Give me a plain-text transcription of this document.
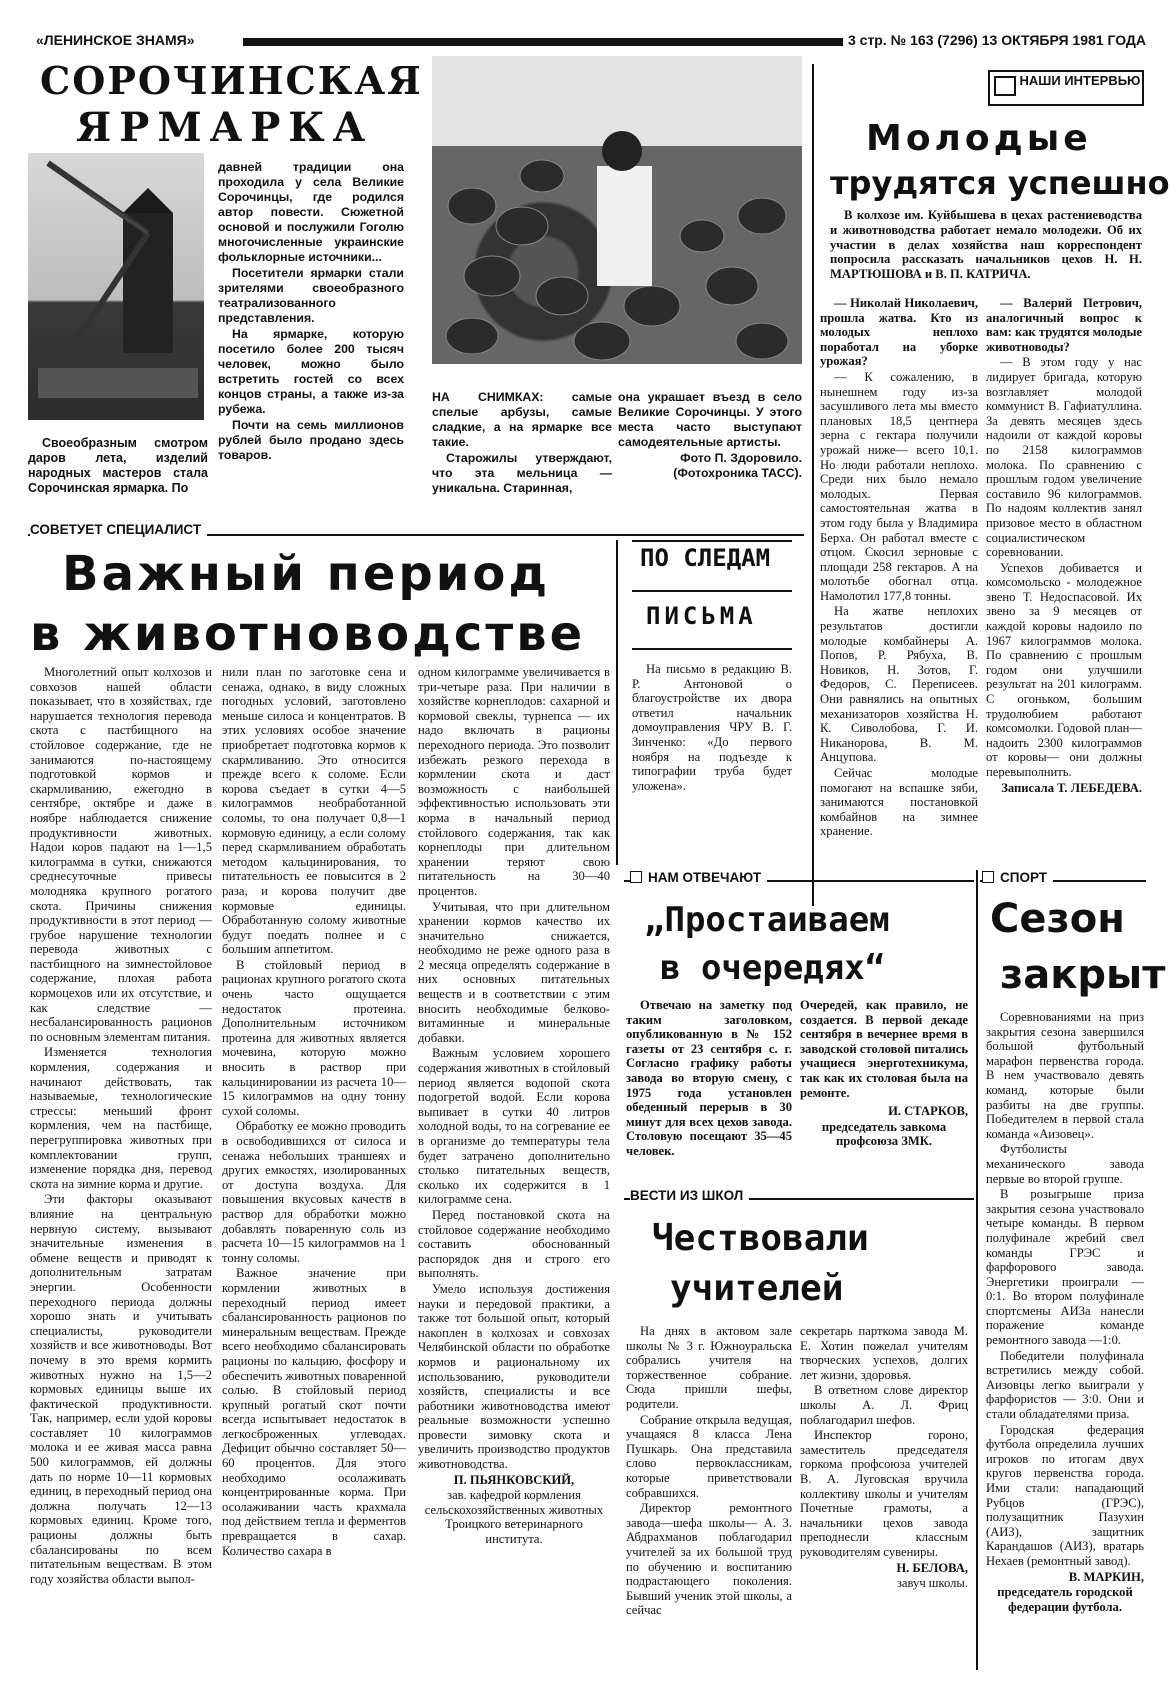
«ЛЕНИНСКОЕ ЗНАМЯ»	3 стр. № 163 (7296) 13 ОКТЯБРЯ 1981 ГОДА
СОРОЧИНСКАЯ
ЯРМАРКА

Своеобразным смотром даров лета, изделий народных мастеров стала Сорочинская ярмарка. По

давней традиции она проходила у села Великие Сорочинцы, где родился автор повести. Сюжетной основой и послужили Гоголю многочисленные украинские фольклорные источники...

Посетители ярмарки стали зрителями своеобразного театрализованного представления.

На ярмарке, которую посетило более 200 тысяч человек, можно было встретить гостей со всех концов страны, а также из-за рубежа.

Почти на семь миллионов рублей было продано здесь товаров.

НА СНИМКАХ: самые спелые арбузы, самые сладкие, а на ярмарке все такие.

Старожилы утверждают, что эта мельница — уникальна. Старинная,

она украшает въезд в село Великие Сорочинцы. У этого места часто выступают самодеятельные артисты.

Фото П. Здоровило. (Фотохроника ТАСС).

НАШИ ИНТЕРВЬЮ
Молодые
трудятся успешно

В колхозе им. Куйбышева в цехах растениеводства и животноводства работает немало молодежи. Об их участии в делах хозяйства наш корреспондент попросила рассказать начальников цехов Н. Н. МАРТЮШОВА и В. П. КАТРИЧА.

— Николай Николаевич, прошла жатва. Кто из молодых неплохо поработал на уборке урожая?

— К сожалению, в нынешнем году из-за засушливого лета мы вместо плановых 18,5 центнера зерна с гектара получили урожай ниже— всего 10,1. Но люди работали неплохо. Среди них было немало молодых. Первая самостоятельная жатва в этом году была у Владимира Берха. Он работал вместе с отцом. Скосил зерновые с площади 258 гектаров. А на молотьбе обогнал отца. Намолотил 177,8 тонны.

На жатве неплохих результатов достигли молодые комбайнеры А. Попов, Р. Рябуха, В. Новиков, Н. Зотов, Г. Федоров, С. Переписеев. Они равнялись на опытных механизаторов хозяйства Н. К. Сиволобова, Г. И. Никанорова, В. М. Анцупова.

Сейчас молодые помогают на вспашке зяби, занимаются постановкой комбайнов на зимнее хранение.

— Валерий Петрович, аналогичный вопрос к вам: как трудятся молодые животноводы?

— В этом году у нас лидирует бригада, которую возглавляет молодой коммунист В. Гафиатуллина. За девять месяцев здесь надоили от каждой коровы по 2158 килограммов молока. По сравнению с прошлым годом увеличение составило 96 килограммов. По надоям коллектив занял призовое место в областном социалистическом соревновании.

Успехов добивается и комсомольско - молодежное звено Т. Недоспасовой. Их звено за 9 месяцев от каждой коровы надоило по 1967 килограммов молока. По сравнению с прошлым годом они улучшили результат на 201 килограмм. С огоньком, большим трудолюбием работают комсомолки. Годовой план— надоить 2300 килограммов от коровы— они должны перевыполнить.

Записала Т. ЛЕБЕДЕВА.

СОВЕТУЕТ СПЕЦИАЛИСТ
Важный период
в животноводстве

Многолетний опыт колхозов и совхозов нашей области показывает, что в хозяйствах, где нарушается технология перевода скота с пастбищного на стойловое содержание, где не занимаются по-настоящему подготовкой кормов и скармливанию, ежегодно в сентябре, октябре и даже в ноябре наблюдается снижение продуктивности животных. Надои коров падают на 1—1,5 килограмма в сутки, снижаются среднесуточные привесы молодняка крупного рогатого скота. Причины снижения продуктивности в этот период — грубое нарушение технологии перевода животных с пастбищного на зимнестойловое содержание, плохая работа кормоцехов или их отсутствие, и как следствие — несбалансированность рационов по основным элементам питания.

Изменяется технология кормления, содержания и начинают действовать, так называемые, технологические стрессы: меньший фронт кормления, чем на пастбище, перегруппировка животных при комплектовании групп, изменение порядка дня, перевод скота на зимние корма и другие.

Эти факторы оказывают влияние на центральную нервную систему, вызывают значительные изменения в обмене веществ и приводят к дополнительным затратам энергии. Особенности переходного периода должны хорошо знать и учитывать специалисты, руководители хозяйств и все животноводы. Вот почему в это время кормить животных нужно на 1,5—2 кормовых единицы выше их фактической продуктивности. Так, например, если удой коровы составляет 10 килограммов молока и ее живая масса равна 500 килограммов, ей должны дать по норме 10—11 кормовых единиц, в переходный период она должна получать 12—13 кормовых единиц. Кроме того, рационы должны быть сбалансированы по всем питательным веществам. В этом году хозяйства области выпол-

нили план по заготовке сена и сенажа, однако, в виду сложных погодных условий, заготовлено меньше силоса и концентратов. В этих условиях особое значение приобретает подготовка кормов к скармливанию. Это относится прежде всего к соломе. Если корова съедает в сутки 4—5 килограммов необработанной соломы, то она получает 0,8—1 кормовую единицу, а если солому перед скармливанием обработать методом кальцинирования, то питательность ее повысится в 2 раза, и корова получит две кормовые единицы. Обработанную солому животные будут поедать полнее и с большим аппетитом.

В стойловый период в рационах крупного рогатого скота очень часто ощущается недостаток протеина. Дополнительным источником протеина для животных является мочевина, которую можно вносить в раствор при кальцинировании из расчета 10—15 килограммов на одну тонну сухой соломы.

Обработку ее можно проводить в освободившихся от силоса и сенажа небольших траншеях и других емкостях, изолированных от доступа воздуха. Для повышения вкусовых качеств в раствор для обработки можно добавлять поваренную соль из расчета 10—15 килограммов на 1 тонну соломы.

Важное значение при кормлении животных в переходный период имеет сбалансированность рационов по минеральным веществам. Прежде всего необходимо сбалансировать рационы по кальцию, фосфору и обеспечить животных поваренной солью. В стойловый период крупный рогатый скот почти всегда испытывает недостаток в легкосброженных углеводах. Дефицит обычно составляет 50—60 процентов. Для этого необходимо осолаживать концентрированные корма. При осолаживании часть крахмала под действием тепла и ферментов превращается в сахар. Количество сахара в

одном килограмме увеличивается в три-четыре раза. При наличии в хозяйстве корнеплодов: сахарной и кормовой свеклы, турнепса — их надо включать в рационы переходного периода. Это позволит избежать резкого перехода в кормлении скота и даст возможность с наибольшей эффективностью использовать эти корма в начальный период стойлового содержания, так как корнеплоды при длительном хранении теряют свою питательность на 30—40 процентов.

Учитывая, что при длительном хранении кормов качество их значительно снижается, необходимо не реже одного раза в 2 месяца определять содержание в них основных питательных веществ и в соответствии с этим вносить необходимые белково-витаминные и минеральные добавки.

Важным условием хорошего содержания животных в стойловый период является водопой скота подогретой водой. Если корова выпивает в сутки 40 литров холодной воды, то на согревание ее в организме до температуры тела будет затрачено дополнительно столько питательных веществ, сколько их содержится в 1 килограмме сена.

Перед постановкой скота на стойловое содержание необходимо составить обоснованный распорядок дня и строго его выполнять.

Умело используя достижения науки и передовой практики, а также тот большой опыт, который накоплен в колхозах и совхозах Челябинской области по обработке кормов и рациональному их использованию, руководители хозяйств, специалисты и все работники животноводства имеют реальные возможности успешно провести зимовку скота и увеличить производство продуктов животноводства.

П. ПЬЯНКОВСКИЙ,

зав. кафедрой кормления сельскохозяйственных животных Троицкого ветеринарного института.

ПО СЛЕДАМ
ПИСЬМА

На письмо в редакцию В. Р. Антоновой о благоустройстве их двора ответил начальник домоуправления ЧРУ В. Г. Зинченко: «До первого ноября на подъезде к типографии труба будет уложена».

НАМ ОТВЕЧАЮТ
„Простаиваем
в очередях“

Отвечаю на заметку под таким заголовком, опубликованную в № 152 газеты от 23 сентября с. г. Согласно графику работы завода во вторую смену, с 1975 года установлен обеденный перерыв в 30 минут для всех цехов завода. Столовую посещают 35—45 человек.

Очередей, как правило, не создается. В первой декаде сентября в вечернее время в заводской столовой питались учащиеся энерготехникума, так как их столовая была на ремонте.

И. СТАРКОВ,

председатель завкома профсоюза ЗМК.

ВЕСТИ ИЗ ШКОЛ
Чествовали
учителей

На днях в актовом зале школы № 3 г. Южноуральска собрались учителя на торжественное собрание. Сюда пришли шефы, родители.

Собрание открыла ведущая, учащаяся 8 класса Лена Пушкарь. Она представила слово первоклассникам, которые приветствовали собравшихся.

Директор ремонтного завода—шефа школы— А. З. Абдрахманов поблагодарил учителей за их большой труд по обучению и воспитанию подрастающего поколения. Бывший ученик этой школы, а сейчас

секретарь парткома завода М. Е. Хотин пожелал учителям творческих успехов, долгих лет жизни, здоровья.

В ответном слове директор школы А. Л. Фриц поблагодарил шефов.

Инспектор гороно, заместитель председателя горкома профсоюза учителей В. А. Луговская вручила коллективу школы и учителям Почетные грамоты, а начальники цехов завода преподнесли классным руководителям сувениры.

Н. БЕЛОВА,

завуч школы.

СПОРТ
Сезон
закрыт

Соревнованиями на приз закрытия сезона завершился большой футбольный марафон первенства города. В нем участвовало девять команд, которые были разбиты на две группы. Победителем в первой стала команда «Аизовец».

Футболисты механического завода первые во второй группе.

В розыгрыше приза закрытия сезона участвовало четыре команды. В первом полуфинале жребий свел команды ГРЭС и фарфорового завода. Энергетики проиграли — 0:1. Во втором полуфинале спортсмены АИЗа нанесли поражение команде ремонтного завода —1:0.

Победители полуфинала встретились между собой. Аизовцы легко выиграли у фарфористов — 3:0. Они и стали обладателями приза.

Городская федерация футбола определила лучших игроков по итогам двух кругов первенства города. Ими стали: нападающий Рубцов (ГРЭС), полузащитник Пазухин (АИЗ), защитник Карандашов (АИЗ), вратарь Нехаев (ремонтный завод).

В. МАРКИН,

председатель городской федерации футбола.
